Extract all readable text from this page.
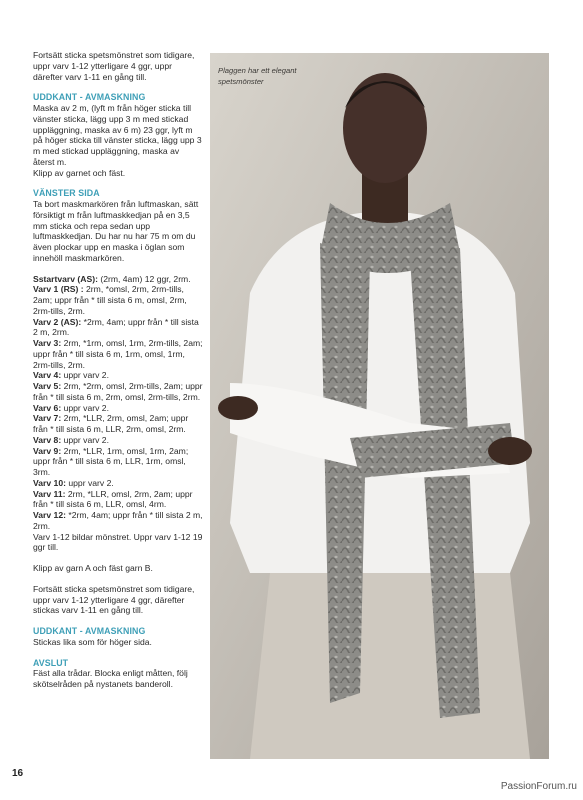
Fortsätt sticka spetsmönstret som tidigare, uppr varv 1-12 ytterligare 4 ggr, uppr därefter varv 1-11 en gång till.

UDDKANT - AVMASKNING

Maska av 2 m, (lyft m från höger sticka till vänster sticka, lägg upp 3 m med stickad uppläggning, maska av 6 m) 23 ggr, lyft m på höger sticka till vänster sticka, lägg upp 3 m med stickad uppläggning, maska av återst m.

Klipp av garnet och fäst.

VÄNSTER SIDA

Ta bort maskmarkören från luftmaskan, sätt försiktigt m från luftmaskkedjan på en 3,5 mm sticka och repa sedan upp luftmaskkedjan. Du har nu har 75 m om du även plockar upp en maska i öglan som innehöll maskmarkören.

Sstartvarv (AS): (2rm, 4am) 12 ggr, 2rm.

Varv 1 (RS) : 2rm, *omsl, 2rm, 2rm-tills, 2am; uppr från * till sista 6 m, omsl, 2rm, 2rm-tills, 2rm.

Varv 2 (AS): *2rm, 4am; uppr från * till sista 2 m, 2rm.

Varv 3: 2rm, *1rm, omsl, 1rm, 2rm-tills, 2am; uppr från * till sista 6 m, 1rm, omsl, 1rm, 2rm-tills, 2rm.

Varv 4: uppr varv 2.

Varv 5: 2rm, *2rm, omsl, 2rm-tills, 2am; uppr från * till sista 6 m, 2rm, omsl, 2rm-tills, 2rm.

Varv 6: uppr varv 2.

Varv 7: 2rm, *LLR, 2rm, omsl, 2am; uppr från * till sista 6 m, LLR, 2rm, omsl, 2rm.

Varv 8: uppr varv 2.

Varv 9: 2rm, *LLR, 1rm, omsl, 1rm, 2am; uppr från * till sista 6 m, LLR, 1rm, omsl, 3rm.

Varv 10: uppr varv 2.

Varv 11: 2rm, *LLR, omsl, 2rm, 2am; uppr från * till sista 6 m, LLR, omsl, 4rm.

Varv 12: *2rm, 4am; uppr från * till sista 2 m, 2rm.

Varv 1-12 bildar mönstret. Uppr varv 1-12 19 ggr till.

Klipp av garn A och fäst garn B.

Fortsätt sticka spetsmönstret som tidigare, uppr varv 1-12 ytterligare 4 ggr, därefter stickas varv 1-11 en gång till.

UDDKANT - AVMASKNING

Stickas lika som för höger sida.

AVSLUT

Fäst alla trådar. Blocka enligt måtten, följ skötselråden på nystanets banderoll.

Plaggen har ett elegant spetsmönster
16
PassionForum.ru
